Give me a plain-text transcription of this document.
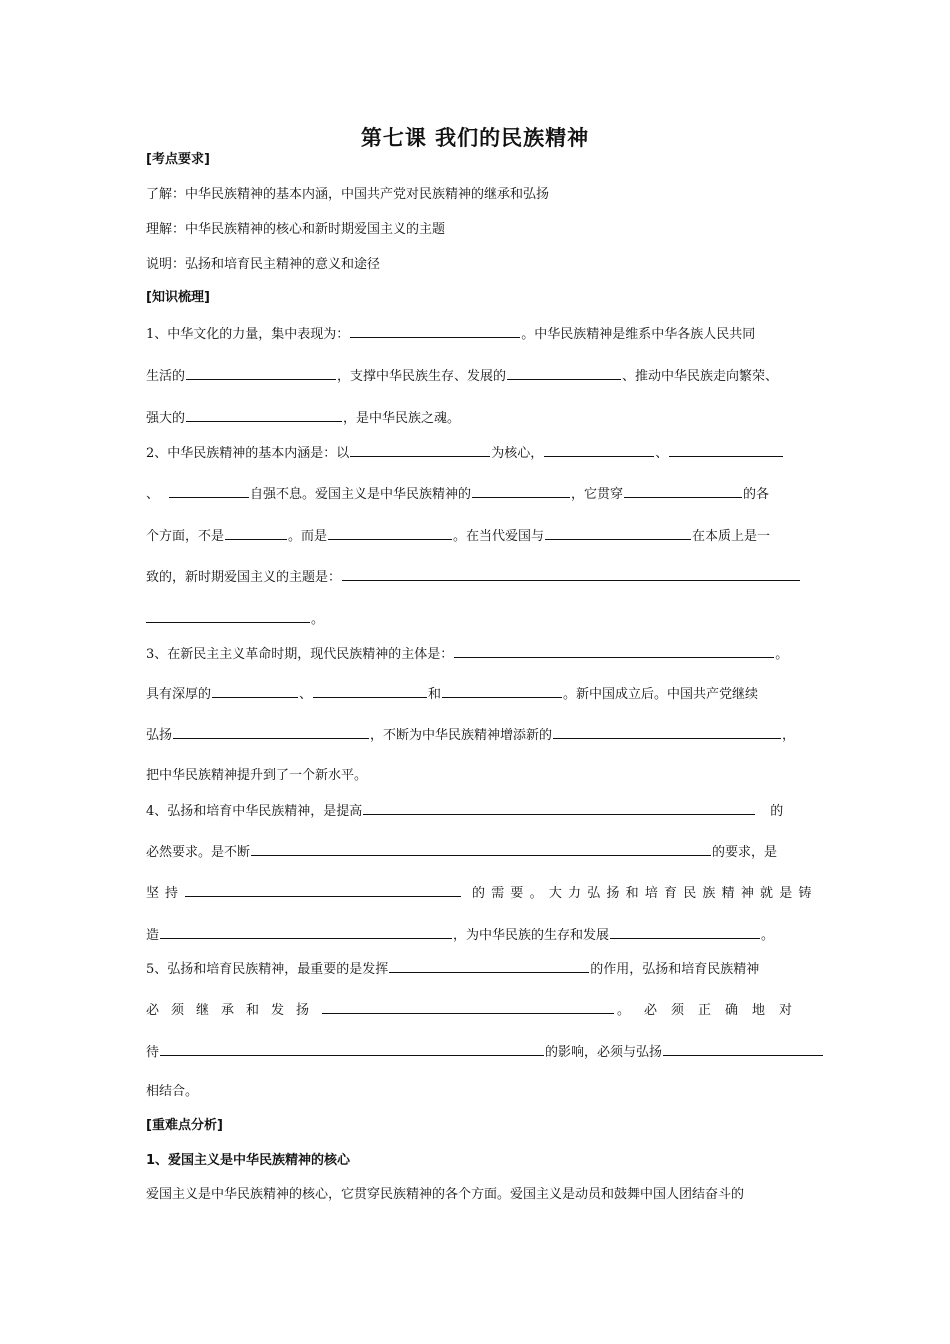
第七课 我们的民族精神
[考点要求]
了解：中华民族精神的基本内涵，中国共产党对民族精神的继承和弘扬
理解：中华民族精神的核心和新时期爱国主义的主题
说明：弘扬和培育民主精神的意义和途径
[知识梳理]
1、中华文化的力量，集中表现为：	。中华民族精神是维系中华各族人民共同
生活的	，支撑中华民族生存、发展的	、推动中华民族走向繁荣、
强大的	，是中华民族之魂。
2、中华民族精神的基本内涵是：以	为核心，	、
、	自强不息。爱国主义是中华民族精神的	，它贯穿	的各
个方面，不是	。而是	。在当代爱国与	在本质上是一
致的，新时期爱国主义的主题是：
。
3、在新民主主义革命时期，现代民族精神的主体是：	。
具有深厚的	、	和	。新中国成立后。中国共产党继续
弘扬	，不断为中华民族精神增添新的	，
把中华民族精神提升到了一个新水平。
4、弘扬和培育中华民族精神，是提高	的
必然要求。是不断	的要求，是
坚持	的需要。大力弘扬和培育民族精神就是铸
造	，为中华民族的生存和发展	。
5、弘扬和培育民族精神，最重要的是发挥	的作用，弘扬和培育民族精神
必须继承和发扬	。必须正确地对
待	的影响，必须与弘扬
相结合。
[重难点分析]
1、爱国主义是中华民族精神的核心
爱国主义是中华民族精神的核心，它贯穿民族精神的各个方面。爱国主义是动员和鼓舞中国人团结奋斗的
